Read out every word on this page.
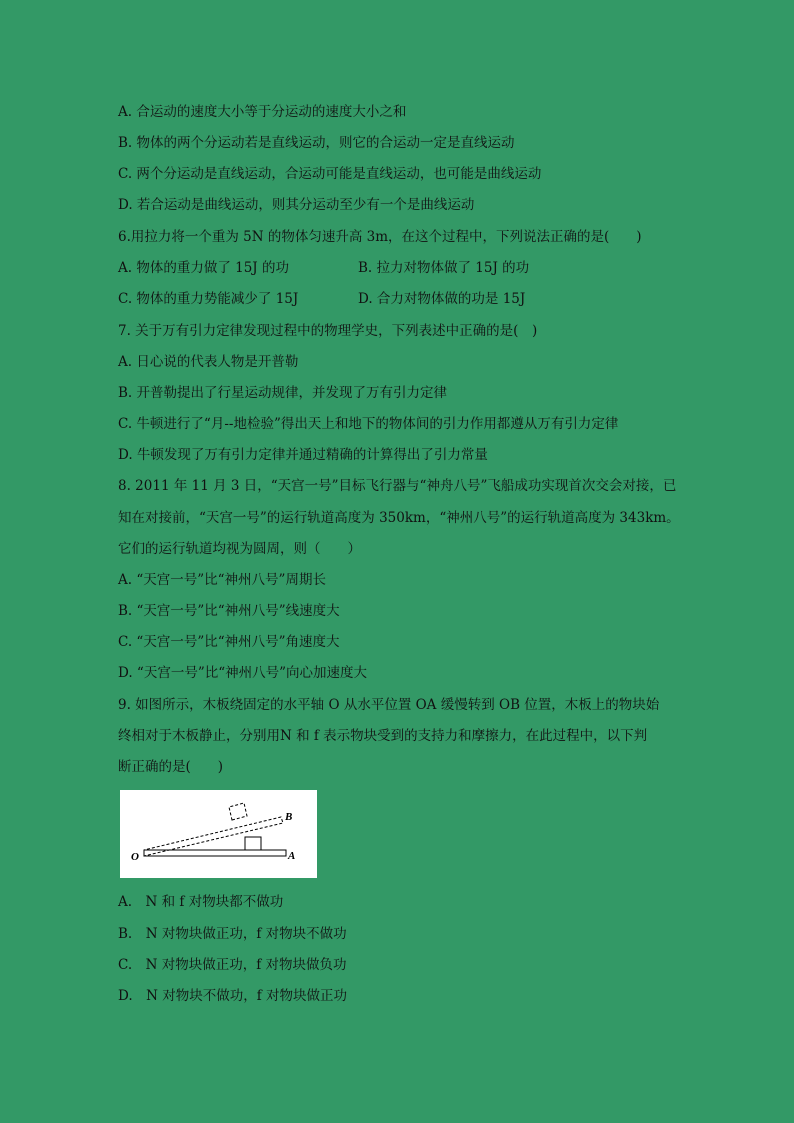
A. 合运动的速度大小等于分运动的速度大小之和
B. 物体的两个分运动若是直线运动，则它的合运动一定是直线运动
C. 两个分运动是直线运动，合运动可能是直线运动，也可能是曲线运动
D. 若合运动是曲线运动，则其分运动至少有一个是曲线运动
6.用拉力将一个重为 5N 的物体匀速升高 3m，在这个过程中，下列说法正确的是(　　)
A. 物体的重力做了 15J 的功	B. 拉力对物体做了 15J 的功
C. 物体的重力势能减少了 15J	D. 合力对物体做的功是 15J
7. 关于万有引力定律发现过程中的物理学史，下列表述中正确的是(　)
A. 日心说的代表人物是开普勒
B. 开普勒提出了行星运动规律，并发现了万有引力定律
C. 牛顿进行了“月--地检验”得出天上和地下的物体间的引力作用都遵从万有引力定律
D. 牛顿发现了万有引力定律并通过精确的计算得出了引力常量
8. 2011 年 11 月 3 日，“天宫一号”目标飞行器与“神舟八号”飞船成功实现首次交会对接，已
知在对接前，“天宫一号”的运行轨道高度为 350km，“神州八号”的运行轨道高度为 343km。
它们的运行轨道均视为圆周，则（　　）
A. “天宫一号”比“神州八号”周期长
B. “天宫一号”比“神州八号”线速度大
C. “天宫一号”比“神州八号”角速度大
D. “天宫一号”比“神州八号”向心加速度大
9. 如图所示，木板绕固定的水平轴 O 从水平位置 OA 缓慢转到 OB 位置，木板上的物块始
终相对于木板静止，分别用N 和 f 表示物块受到的支持力和摩擦力，在此过程中，以下判
断正确的是(　　)
O	A
B
A.　N 和 f 对物块都不做功
B.　N 对物块做正功，f 对物块不做功
C.　N 对物块做正功，f 对物块做负功
D.　N 对物块不做功，f 对物块做正功
